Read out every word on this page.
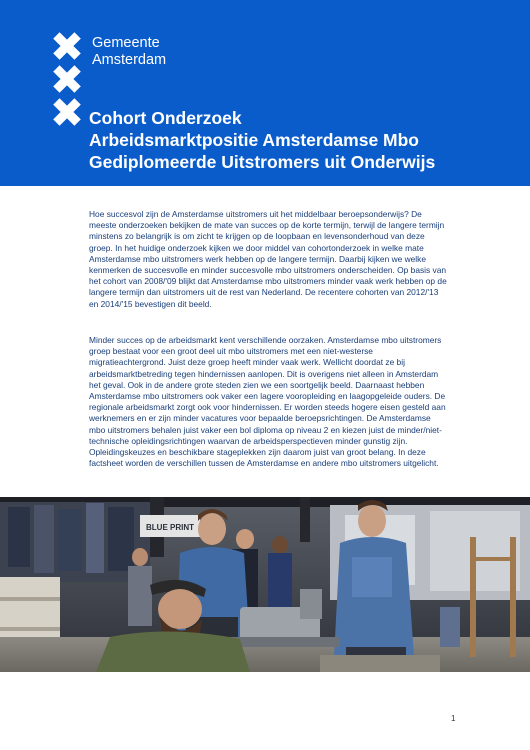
Gemeente
Amsterdam
Cohort Onderzoek
Arbeidsmarktpositie Amsterdamse Mbo
Gediplomeerde Uitstromers uit Onderwijs

Hoe succesvol zijn de Amsterdamse uitstromers uit het middelbaar beroepsonderwijs? De meeste onderzoeken bekijken de mate van succes op de korte termijn, terwijl de langere termijn minstens zo belangrijk is om zicht te krijgen op de loopbaan en levensonderhoud van deze groep. In het huidige onderzoek kijken we door middel van cohortonderzoek in welke mate Amsterdamse mbo uitstromers werk hebben op de langere termijn. Daarbij kijken we welke kenmerken de succesvolle en minder succesvolle mbo uitstromers onderscheiden. Op basis van het cohort van 2008/'09 blijkt dat Amsterdamse mbo uitstromers minder vaak werk hebben op de langere termijn dan uitstromers uit de rest van Nederland. De recentere cohorten van 2012/'13 en 2014/'15 bevestigen dit beeld.

Minder succes op de arbeidsmarkt kent verschillende oorzaken. Amsterdamse mbo uitstromers groep bestaat voor een groot deel uit mbo uitstromers met een niet-westerse migratieachtergrond. Juist deze groep heeft minder vaak werk. Wellicht doordat ze bij arbeidsmarktbetreding tegen hindernissen aanlopen. Dit is overigens niet alleen in Amsterdam het geval. Ook in de andere grote steden zien we een soortgelijk beeld. Daarnaast hebben Amsterdamse mbo uitstromers ook vaker een lagere vooropleiding en laagopgeleide ouders. De regionale arbeidsmarkt zorgt ook voor hindernissen. Er worden steeds hogere eisen gesteld aan werknemers en er zijn minder vacatures voor bepaalde beroepsrichtingen. De Amsterdamse mbo uitstromers behalen juist vaker een bol diploma op niveau 2 en kiezen juist de minder/niet-technische opleidingsrichtingen waarvan de arbeidsperspectieven minder gunstig zijn. Opleidingskeuzes en beschikbare stageplekken zijn daarom juist van groot belang. In deze factsheet worden de verschillen tussen de Amsterdamse en andere mbo uitstromers uitgelicht.

BLUE PRINT
1
